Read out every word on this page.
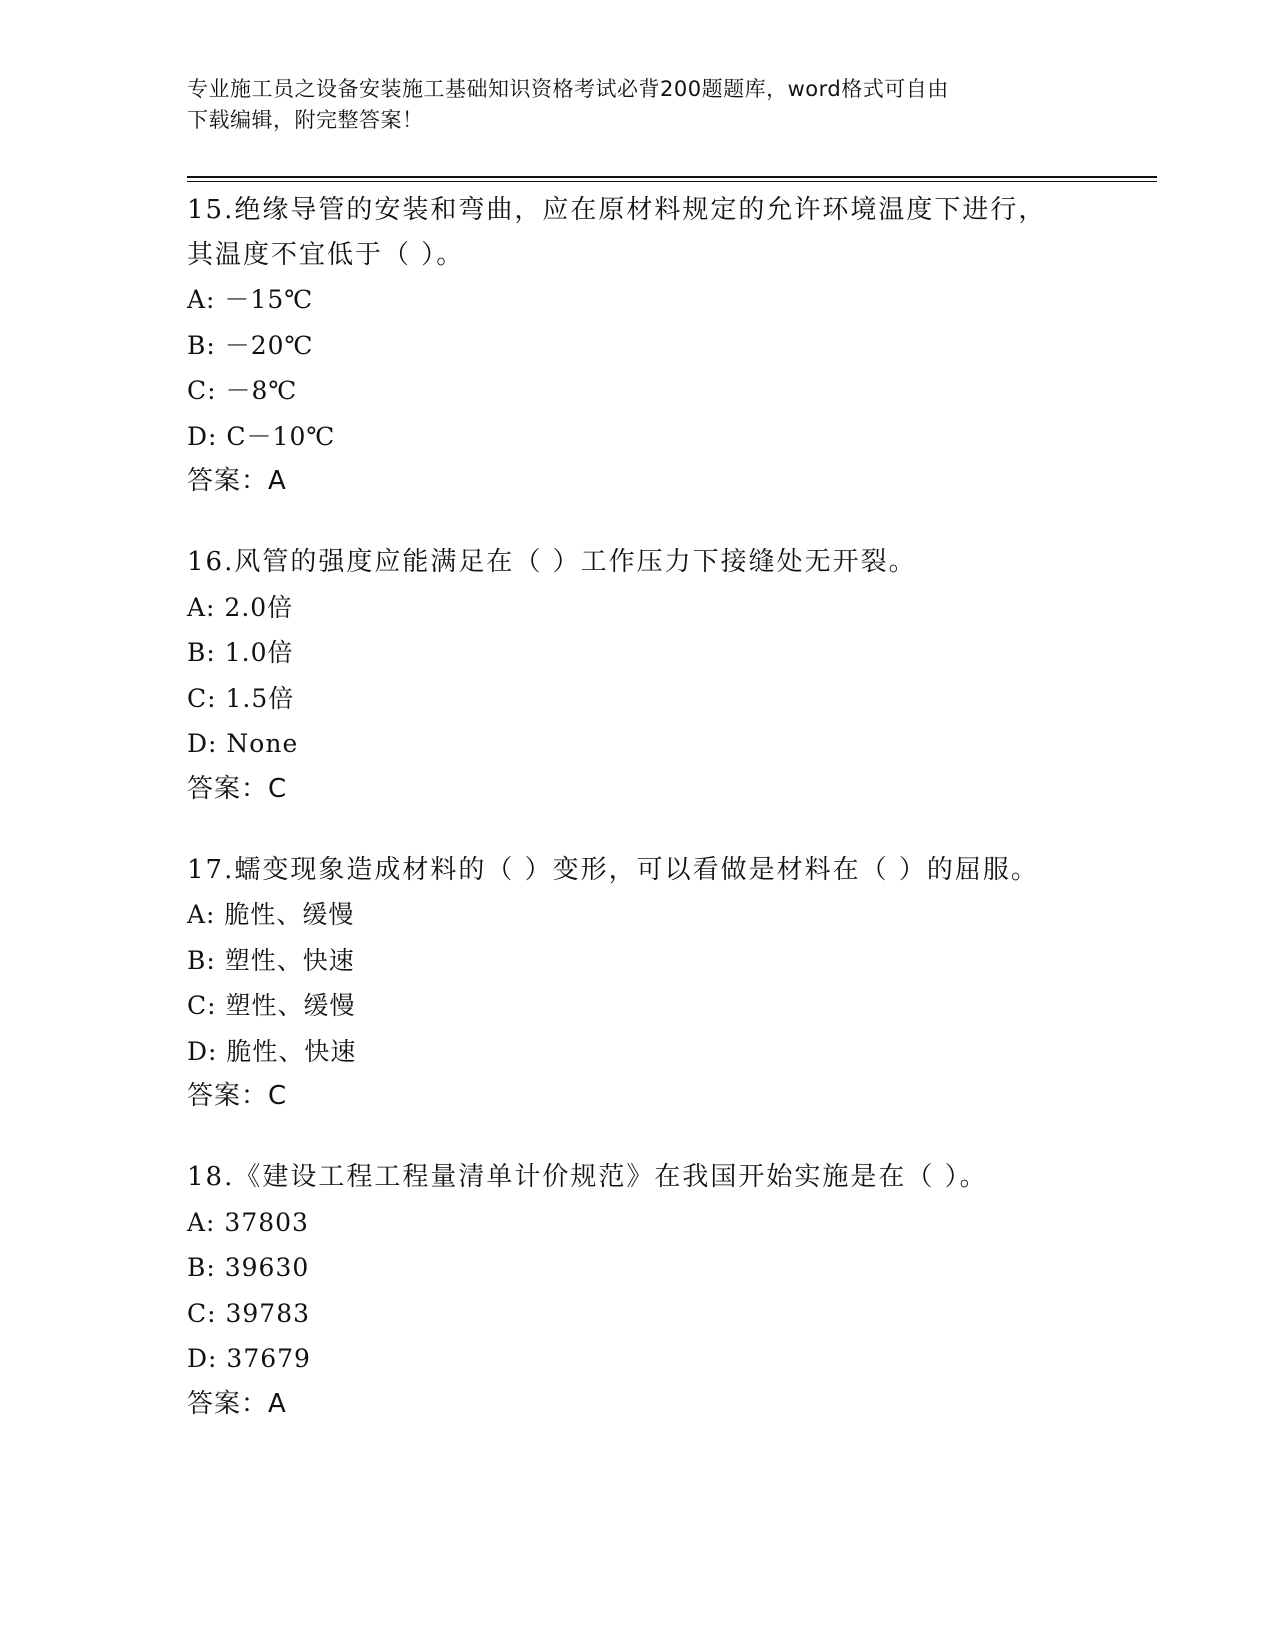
专业施工员之设备安装施工基础知识资格考试必背200题题库，word格式可自由
下载编辑，附完整答案！
15.绝缘导管的安装和弯曲，应在原材料规定的允许环境温度下进行，
其温度不宜低于（ ）。
A: －15℃
B: －20℃
C: －8℃
D: C－10℃
答案：A
16.风管的强度应能满足在（ ）工作压力下接缝处无开裂。
A: 2.0倍
B: 1.0倍
C: 1.5倍
D: None
答案：C
17.蠕变现象造成材料的（ ）变形，可以看做是材料在（ ）的屈服。
A: 脆性、缓慢
B: 塑性、快速
C: 塑性、缓慢
D: 脆性、快速
答案：C
18.《建设工程工程量清单计价规范》在我国开始实施是在（ ）。
A: 37803
B: 39630
C: 39783
D: 37679
答案：A
